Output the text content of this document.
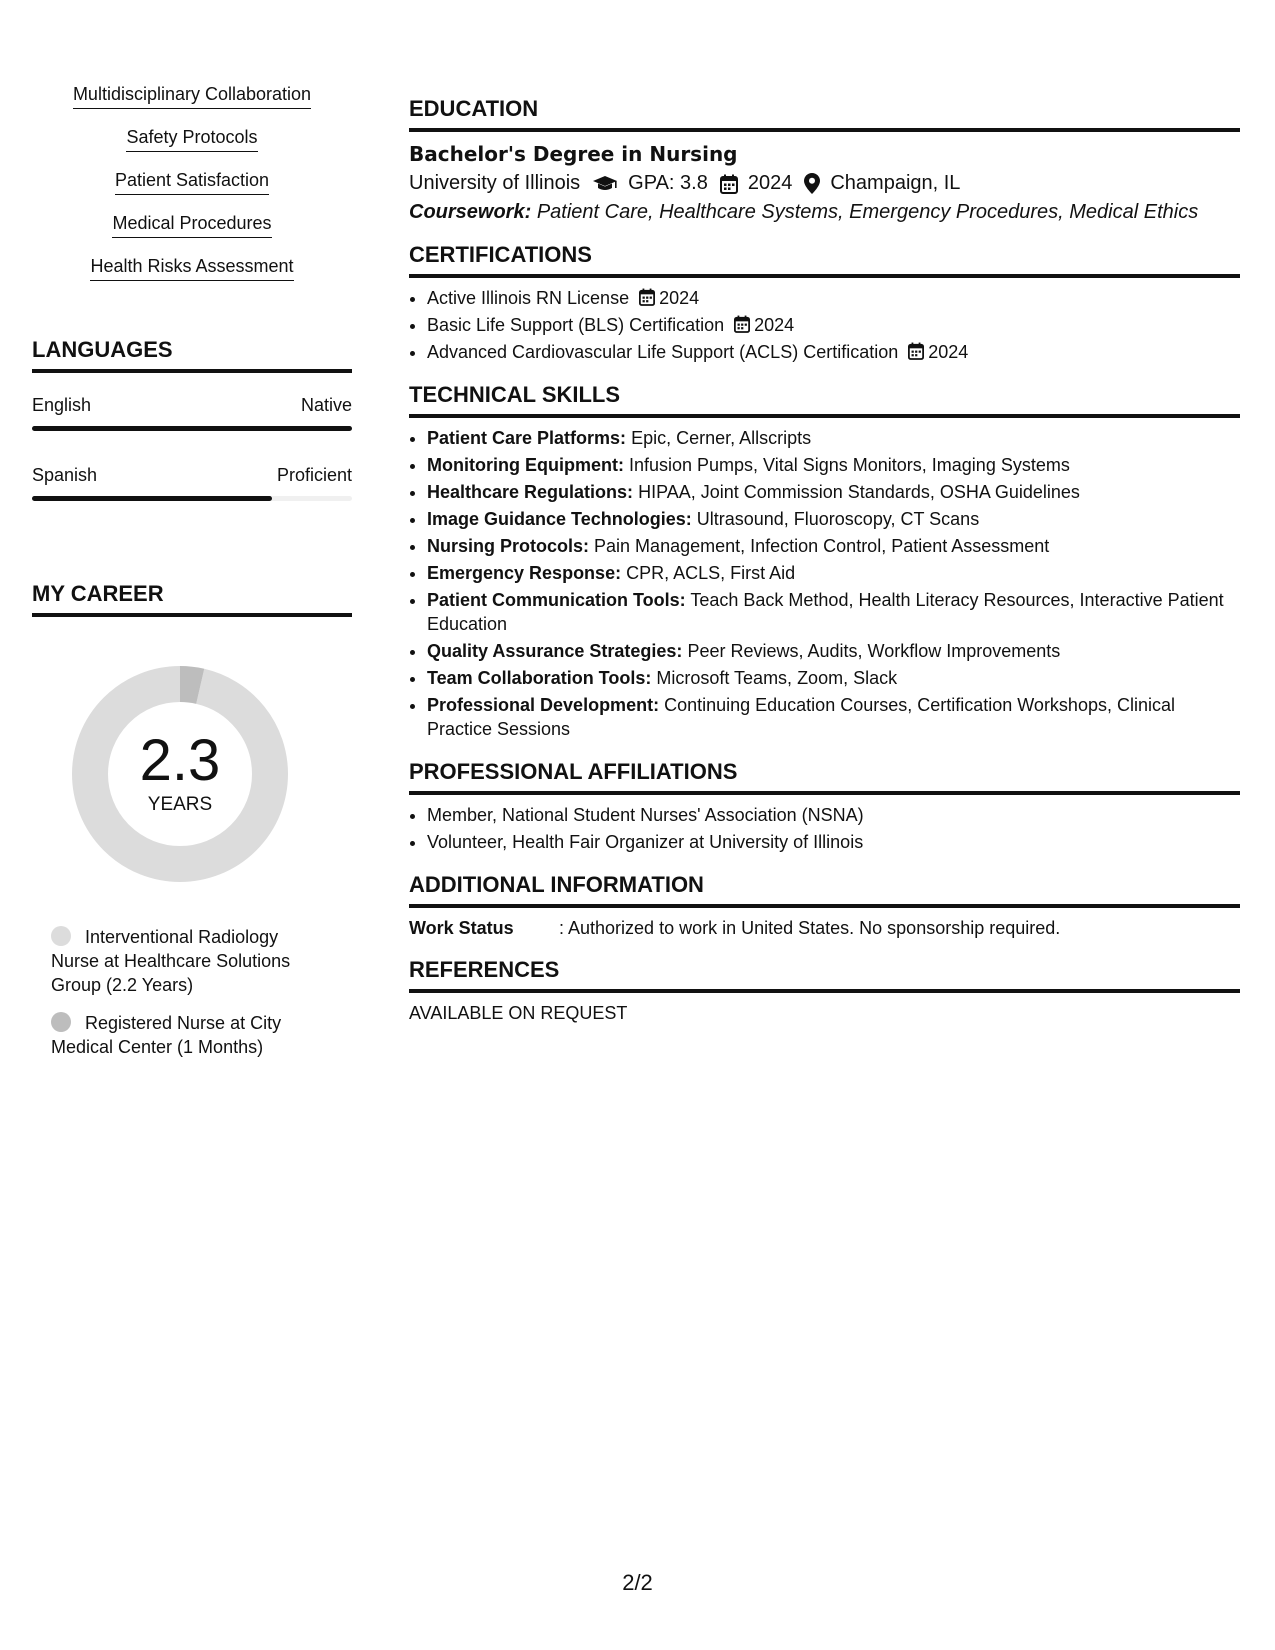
Multidisciplinary Collaboration
Safety Protocols
Patient Satisfaction
Medical Procedures
Health Risks Assessment
LANGUAGES
English	Native
Spanish	Proficient
MY CAREER
2.3
YEARS
Interventional Radiology Nurse at Healthcare Solutions Group (2.2 Years)
Registered Nurse at City Medical Center (1 Months)
EDUCATION
Bachelor's Degree in Nursing
University of Illinois GPA: 3.8 2024 Champaign, IL
Coursework: Patient Care, Healthcare Systems, Emergency Procedures, Medical Ethics
CERTIFICATIONS
• Active Illinois RN License 2024
• Basic Life Support (BLS) Certification 2024
• Advanced Cardiovascular Life Support (ACLS) Certification 2024
TECHNICAL SKILLS
• Patient Care Platforms: Epic, Cerner, Allscripts
• Monitoring Equipment: Infusion Pumps, Vital Signs Monitors, Imaging Systems
• Healthcare Regulations: HIPAA, Joint Commission Standards, OSHA Guidelines
• Image Guidance Technologies: Ultrasound, Fluoroscopy, CT Scans
• Nursing Protocols: Pain Management, Infection Control, Patient Assessment
• Emergency Response: CPR, ACLS, First Aid
• Patient Communication Tools: Teach Back Method, Health Literacy Resources, Interactive Patient Education
• Quality Assurance Strategies: Peer Reviews, Audits, Workflow Improvements
• Team Collaboration Tools: Microsoft Teams, Zoom, Slack
• Professional Development: Continuing Education Courses, Certification Workshops, Clinical Practice Sessions
PROFESSIONAL AFFILIATIONS
• Member, National Student Nurses' Association (NSNA)
• Volunteer, Health Fair Organizer at University of Illinois
ADDITIONAL INFORMATION
Work Status	: Authorized to work in United States. No sponsorship required.
REFERENCES
AVAILABLE ON REQUEST
2/2
